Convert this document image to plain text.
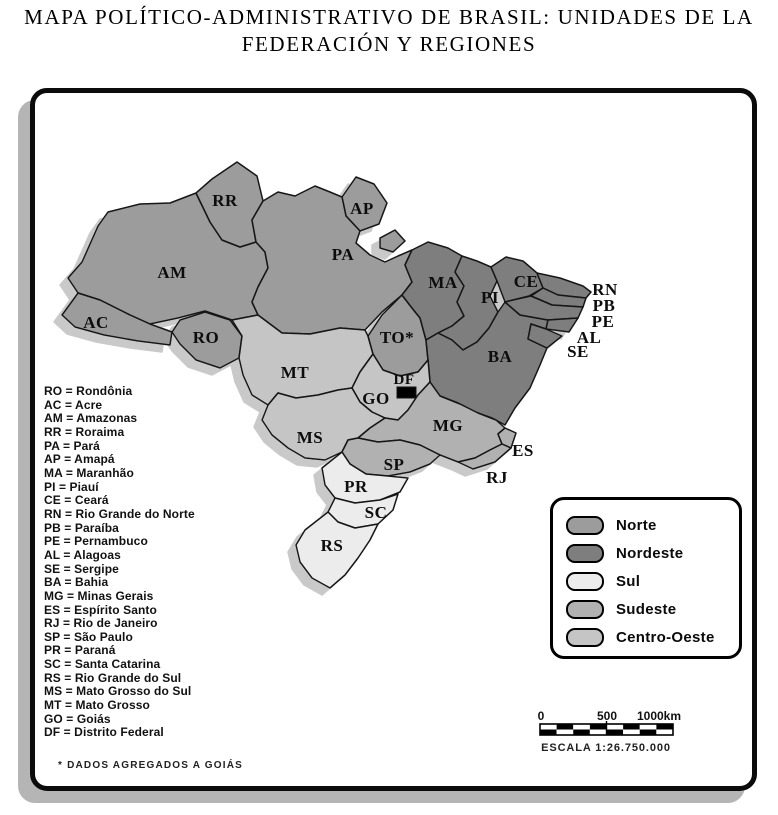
MAPA POLÍTICO-ADMINISTRATIVO DE BRASIL: UNIDADES DE LA
FEDERACIÓN Y REGIONES
AM
RR	AP
PA
AC
RO
MT
TO*
MA
PI
CE
BA
RN
PB
PE
AL
SE
GO
MS
MG
ES
RJ
SP
PR
SC
RS
DF
RO = Rondônia
AC = Acre
AM = Amazonas
RR = Roraima
PA = Pará
AP = Amapá
MA = Maranhão
PI = Piauí
CE = Ceará
RN = Rio Grande do Norte
PB = Paraíba
PE = Pernambuco
AL = Alagoas
SE = Sergipe
BA = Bahia
MG = Minas Gerais
ES = Espírito Santo
RJ = Rio de Janeiro
SP = São Paulo
PR = Paraná
SC = Santa Catarina
RS = Rio Grande do Sul
MS = Mato Grosso do Sul
MT = Mato Grosso
GO = Goiás
DF = Distrito Federal
* DADOS AGREGADOS A GOIÁS
Norte
Nordeste
Sul
Sudeste
Centro-Oeste
0	500 1000km
ESCALA 1:26.750.000
